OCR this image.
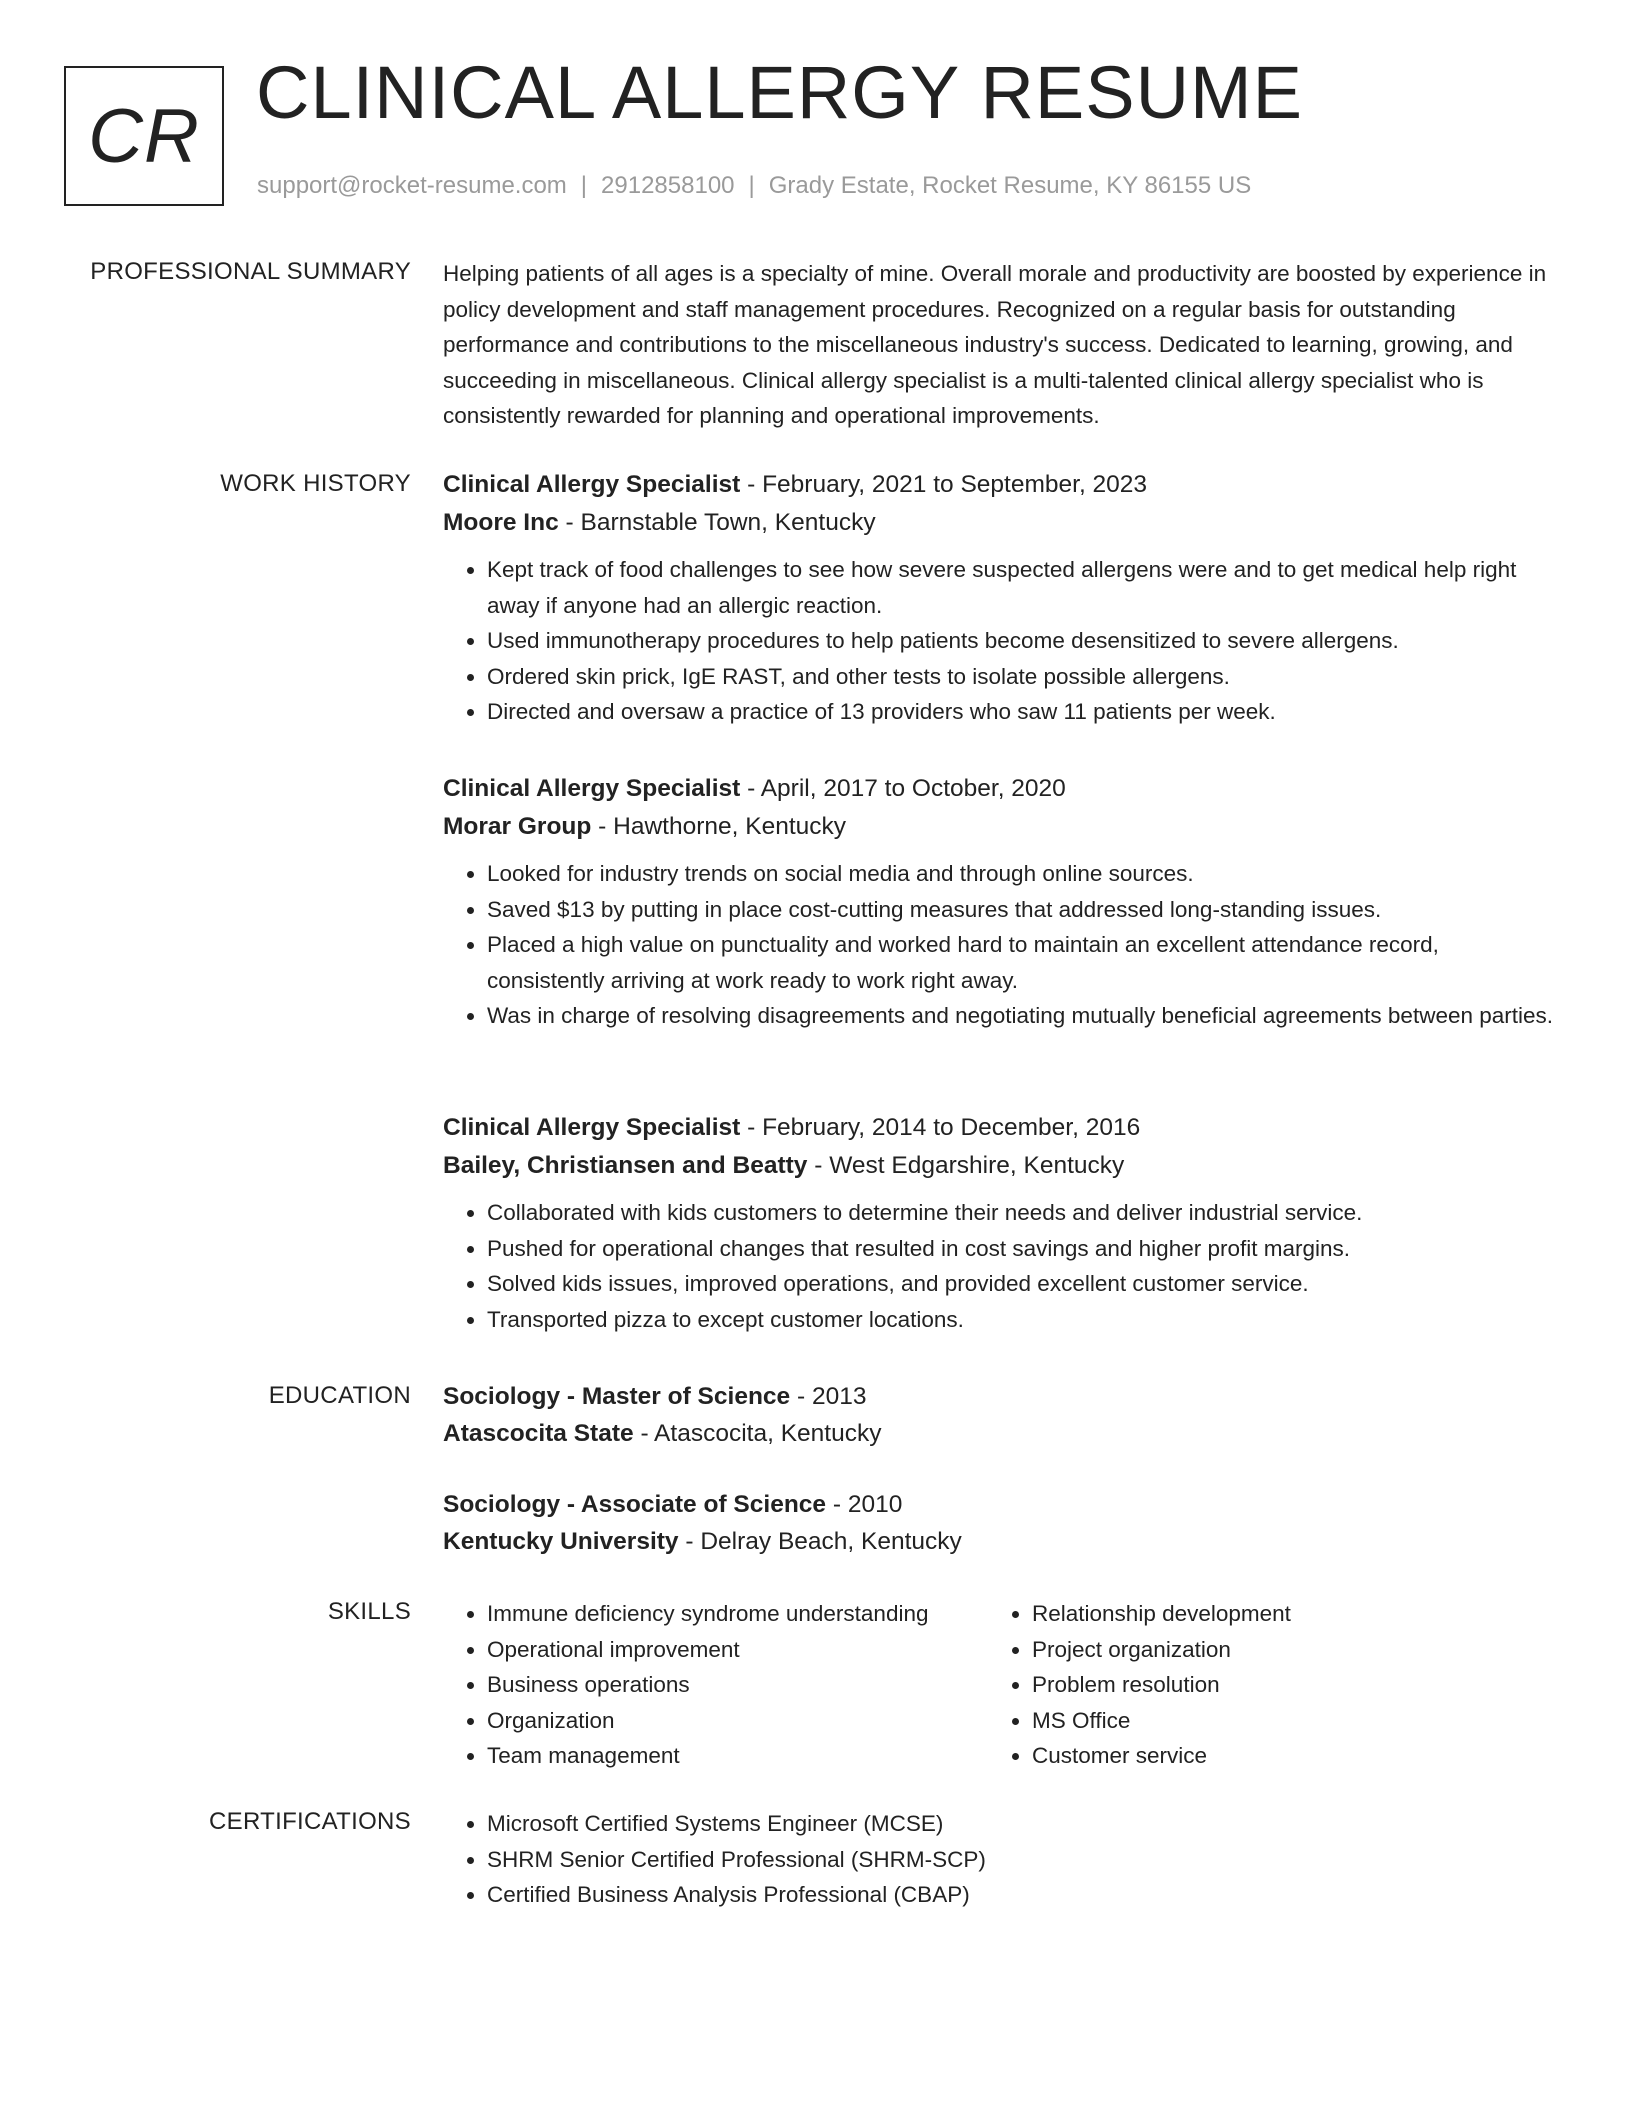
CR
CLINICAL ALLERGY RESUME
support@rocket-resume.com | 2912858100 | Grady Estate, Rocket Resume, KY 86155 US
PROFESSIONAL SUMMARY Helping patients of all ages is a specialty of mine. Overall morale and productivity are boosted by experience in policy development and staff management procedures. Recognized on a regular basis for outstanding performance and contributions to the miscellaneous industry's success. Dedicated to learning, growing, and succeeding in miscellaneous. Clinical allergy specialist is a multi-talented clinical allergy specialist who is consistently rewarded for planning and operational improvements.

WORK HISTORY Clinical Allergy Specialist - February, 2021 to September, 2023
Moore Inc - Barnstable Town, Kentucky
• Kept track of food challenges to see how severe suspected allergens were and to get medical help right away if anyone had an allergic reaction.
• Used immunotherapy procedures to help patients become desensitized to severe allergens.
• Ordered skin prick, IgE RAST, and other tests to isolate possible allergens.
• Directed and oversaw a practice of 13 providers who saw 11 patients per week.
Clinical Allergy Specialist - April, 2017 to October, 2020
Morar Group - Hawthorne, Kentucky
• Looked for industry trends on social media and through online sources.
• Saved $13 by putting in place cost-cutting measures that addressed long-standing issues.
• Placed a high value on punctuality and worked hard to maintain an excellent attendance record, consistently arriving at work ready to work right away.
• Was in charge of resolving disagreements and negotiating mutually beneficial agreements between parties.
Clinical Allergy Specialist - February, 2014 to December, 2016
Bailey, Christiansen and Beatty - West Edgarshire, Kentucky
• Collaborated with kids customers to determine their needs and deliver industrial service.
• Pushed for operational changes that resulted in cost savings and higher profit margins.
• Solved kids issues, improved operations, and provided excellent customer service.
• Transported pizza to except customer locations.
EDUCATION Sociology - Master of Science - 2013
Atascocita State - Atascocita, Kentucky
Sociology - Associate of Science - 2010
Kentucky University - Delray Beach, Kentucky
SKILLS	• Immune deficiency syndrome understanding
• Operational improvement
• Business operations
• Organization
• Team management
• Relationship development
• Project organization
• Problem resolution
• MS Office
• Customer service
CERTIFICATIONS	• Microsoft Certified Systems Engineer (MCSE)
• SHRM Senior Certified Professional (SHRM-SCP)
• Certified Business Analysis Professional (CBAP)
